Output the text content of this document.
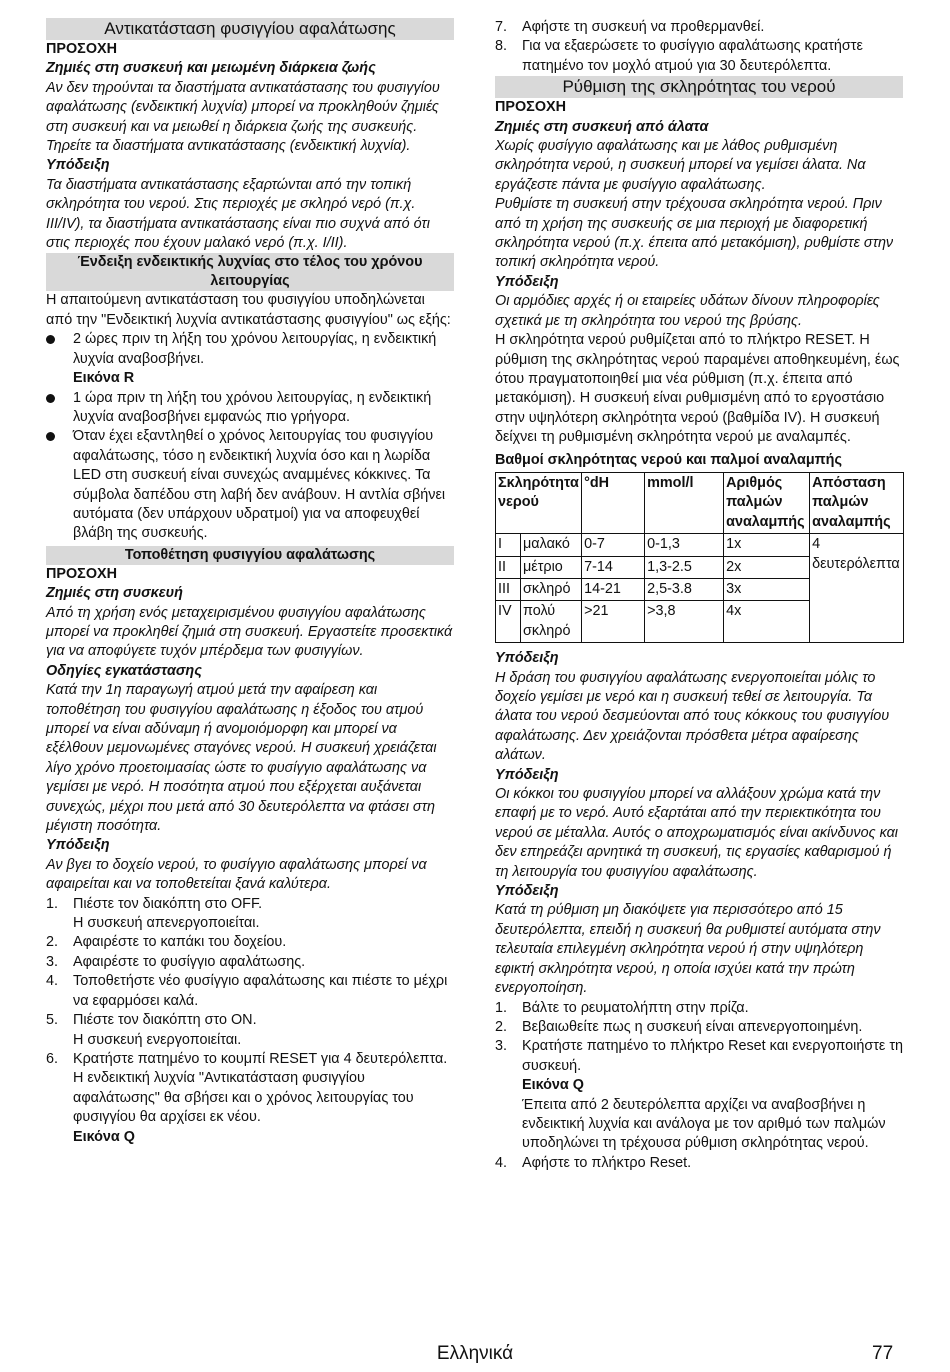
Αντικατάσταση φυσιγγίου αφαλάτωσης

ΠΡΟΣΟΧΗ

Ζημιές στη συσκευή και μειωμένη διάρκεια ζωής

Αν δεν τηρούνται τα διαστήματα αντικατάστασης του φυσιγγίου αφαλάτωσης (ενδεικτική λυχνία) μπορεί να προκληθούν ζημιές στη συσκευή και να μειωθεί η διάρκεια ζωής της συσκευής.

Τηρείτε τα διαστήματα αντικατάστασης (ενδεικτική λυχνία).

Υπόδειξη

Τα διαστήματα αντικατάστασης εξαρτώνται από την τοπική σκληρότητα του νερού. Στις περιοχές με σκληρό νερό (π.χ. III/IV), τα διαστήματα αντικατάστασης είναι πιο συχνά από ότι στις περιοχές που έχουν μαλακό νερό (π.χ. I/II).

Ένδειξη ενδεικτικής λυχνίας στο τέλος του χρόνου λειτουργίας

Η απαιτούμενη αντικατάσταση του φυσιγγίου υποδηλώνεται από την "Ενδεικτική λυχνία αντικατάστασης φυσιγγίου" ως εξής:

2 ώρες πριν τη λήξη του χρόνου λειτουργίας, η ενδεικτική λυχνία αναβοσβήνει.
Εικόνα R
1 ώρα πριν τη λήξη του χρόνου λειτουργίας, η ενδεικτική λυχνία αναβοσβήνει εμφανώς πιο γρήγορα.
Όταν έχει εξαντληθεί ο χρόνος λειτουργίας του φυσιγγίου αφαλάτωσης, τόσο η ενδεικτική λυχνία όσο και η λωρίδα LED στη συσκευή είναι συνεχώς αναμμένες κόκκινες. Τα σύμβολα δαπέδου στη λαβή δεν ανάβουν. Η αντλία σβήνει αυτόματα (δεν υπάρχουν υδρατμοί) για να αποφευχθεί βλάβη της συσκευής.
Τοποθέτηση φυσιγγίου αφαλάτωσης

ΠΡΟΣΟΧΗ

Ζημιές στη συσκευή

Από τη χρήση ενός μεταχειρισμένου φυσιγγίου αφαλάτωσης μπορεί να προκληθεί ζημιά στη συσκευή. Εργαστείτε προσεκτικά για να αποφύγετε τυχόν μπέρδεμα των φυσιγγίων.

Οδηγίες εγκατάστασης

Κατά την 1η παραγωγή ατμού μετά την αφαίρεση και τοποθέτηση του φυσιγγίου αφαλάτωσης η έξοδος του ατμού μπορεί να είναι αδύναμη ή ανομοιόμορφη και μπορεί να εξέλθουν μεμονωμένες σταγόνες νερού. Η συσκευή χρειάζεται λίγο χρόνο προετοιμασίας ώστε το φυσίγγιο αφαλάτωσης να γεμίσει με νερό. Η ποσότητα ατμού που εξέρχεται αυξάνεται συνεχώς, μέχρι που μετά από 30 δευτερόλεπτα να φτάσει στη μέγιστη ποσότητα.

Υπόδειξη

Αν βγει το δοχείο νερού, το φυσίγγιο αφαλάτωσης μπορεί να αφαιρείται και να τοποθετείται ξανά καλύτερα.

1. Πιέστε τον διακόπτη στο OFF.
Η συσκευή απενεργοποιείται.
2. Αφαιρέστε το καπάκι του δοχείου.
3. Αφαιρέστε το φυσίγγιο αφαλάτωσης.
4. Τοποθετήστε νέο φυσίγγιο αφαλάτωσης και πιέστε το μέχρι να εφαρμόσει καλά.
5. Πιέστε τον διακόπτη στο ON.
Η συσκευή ενεργοποιείται.
6. Κρατήστε πατημένο το κουμπί RESET για 4 δευτερόλεπτα.
Η ενδεικτική λυχνία "Αντικατάσταση φυσιγγίου αφαλάτωσης" θα σβήσει και ο χρόνος λειτουργίας του φυσιγγίου θα αρχίσει εκ νέου.
Εικόνα Q
7. Αφήστε τη συσκευή να προθερμανθεί.
8. Για να εξαερώσετε το φυσίγγιο αφαλάτωσης κρατήστε πατημένο τον μοχλό ατμού για 30 δευτερόλεπτα.
Ρύθμιση της σκληρότητας του νερού

ΠΡΟΣΟΧΗ

Ζημιές στη συσκευή από άλατα

Χωρίς φυσίγγιο αφαλάτωσης και με λάθος ρυθμισμένη σκληρότητα νερού, η συσκευή μπορεί να γεμίσει άλατα. Να εργάζεστε πάντα με φυσίγγιο αφαλάτωσης.

Ρυθμίστε τη συσκευή στην τρέχουσα σκληρότητα νερού. Πριν από τη χρήση της συσκευής σε μια περιοχή με διαφορετική σκληρότητα νερού (π.χ. έπειτα από μετακόμιση), ρυθμίστε στην τοπική σκληρότητα νερού.

Υπόδειξη

Οι αρμόδιες αρχές ή οι εταιρείες υδάτων δίνουν πληροφορίες σχετικά με τη σκληρότητα του νερού της βρύσης.

Η σκληρότητα νερού ρυθμίζεται από το πλήκτρο RESET. Η ρύθμιση της σκληρότητας νερού παραμένει αποθηκευμένη, έως ότου πραγματοποιηθεί μια νέα ρύθμιση (π.χ. έπειτα από μετακόμιση). Η συσκευή είναι ρυθμισμένη από το εργοστάσιο στην υψηλότερη σκληρότητα νερού (βαθμίδα IV). Η συσκευή δείχνει τη ρυθμισμένη σκληρότητα νερού με αναλαμπές.

Βαθμοί σκληρότητας νερού και παλμοί αναλαμπής

Σκληρότητα νερού		°dH	mmol/l	Αριθμός παλμών αναλαμπής	Απόσταση παλμών αναλαμπής
I	μαλακό	0-7	0-1,3	1x	4 δευτερόλεπτα
II	μέτριο	7-14	1,3-2.5	2x	
III	σκληρό	14-21	2,5-3.8	3x	
IV	πολύ σκληρό	>21	>3,8	4x	

Υπόδειξη

Η δράση του φυσιγγίου αφαλάτωσης ενεργοποιείται μόλις το δοχείο γεμίσει με νερό και η συσκευή τεθεί σε λειτουργία. Τα άλατα του νερού δεσμεύονται από τους κόκκους του φυσιγγίου αφαλάτωσης. Δεν χρειάζονται πρόσθετα μέτρα αφαίρεσης αλάτων.

Υπόδειξη

Οι κόκκοι του φυσιγγίου μπορεί να αλλάξουν χρώμα κατά την επαφή με το νερό. Αυτό εξαρτάται από την περιεκτικότητα του νερού σε μέταλλα. Αυτός ο αποχρωματισμός είναι ακίνδυνος και δεν επηρεάζει αρνητικά τη συσκευή, τις εργασίες καθαρισμού ή τη λειτουργία του φυσιγγίου αφαλάτωσης.

Υπόδειξη

Κατά τη ρύθμιση μη διακόψετε για περισσότερο από 15 δευτερόλεπτα, επειδή η συσκευή θα ρυθμιστεί αυτόματα στην τελευταία επιλεγμένη σκληρότητα νερού ή στην υψηλότερη εφικτή σκληρότητα νερού, η οποία ισχύει κατά την πρώτη ενεργοποίηση.

1. Βάλτε το ρευματολήπτη στην πρίζα.
2. Βεβαιωθείτε πως η συσκευή είναι απενεργοποιημένη.
3. Κρατήστε πατημένο το πλήκτρο Reset και ενεργοποιήστε τη συσκευή.
Εικόνα Q
Έπειτα από 2 δευτερόλεπτα αρχίζει να αναβοσβήνει η ενδεικτική λυχνία και ανάλογα με τον αριθμό των παλμών υποδηλώνει τη τρέχουσα ρύθμιση σκληρότητας νερού.
4. Αφήστε το πλήκτρο Reset.
Ελληνικά	77
